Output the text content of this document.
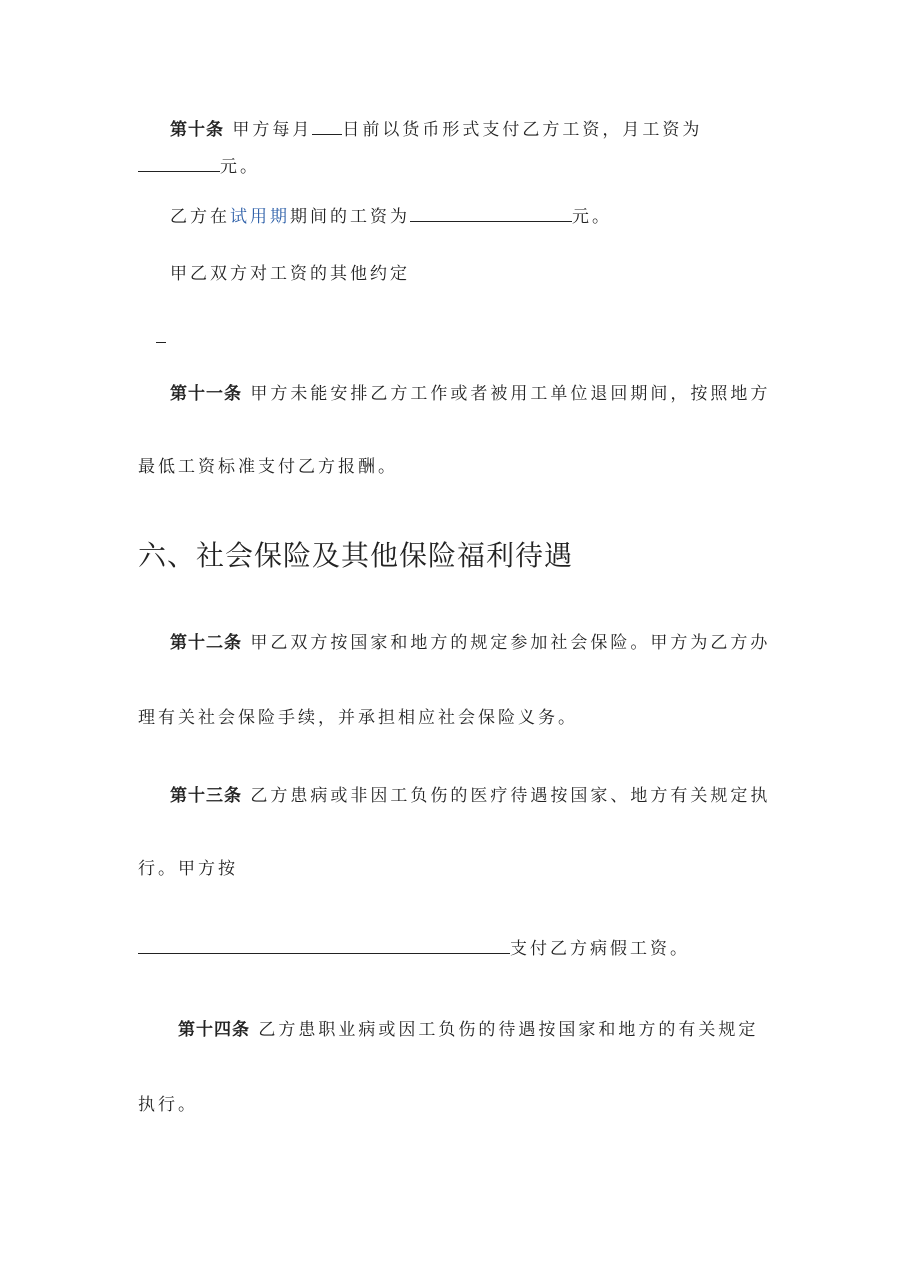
第十条 甲方每月 日前以货币形式支付乙方工资，月工资为
元。
乙方在试用期期间的工资为	元。
甲乙双方对工资的其他约定
第十一条 甲方未能安排乙方工作或者被用工单位退回期间，按照地方
最低工资标准支付乙方报酬。
六、社会保险及其他保险福利待遇
第十二条 甲乙双方按国家和地方的规定参加社会保险。甲方为乙方办
理有关社会保险手续，并承担相应社会保险义务。
第十三条 乙方患病或非因工负伤的医疗待遇按国家、地方有关规定执
行。甲方按
支付乙方病假工资。
第十四条 乙方患职业病或因工负伤的待遇按国家和地方的有关规定
执行。
